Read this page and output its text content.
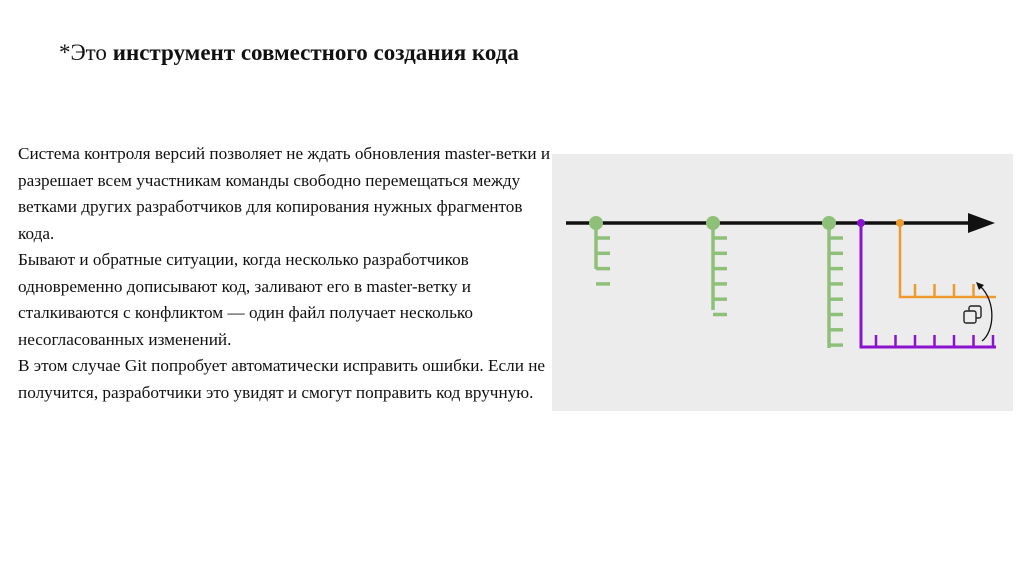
*Это инструмент совместного создания кода

Система контроля версий позволяет не ждать обновления master-ветки и разрешает всем участникам команды свободно перемещаться между ветками других разработчиков для копирования нужных фрагментов кода.

Бывают и обратные ситуации, когда несколько разработчиков одновременно дописывают код, заливают его в master-ветку и сталкиваются с конфликтом — один файл получает несколько несогласованных изменений.

В этом случае Git попробует автоматически исправить ошибки. Если не получится, разработчики это увидят и смогут поправить код вручную.
